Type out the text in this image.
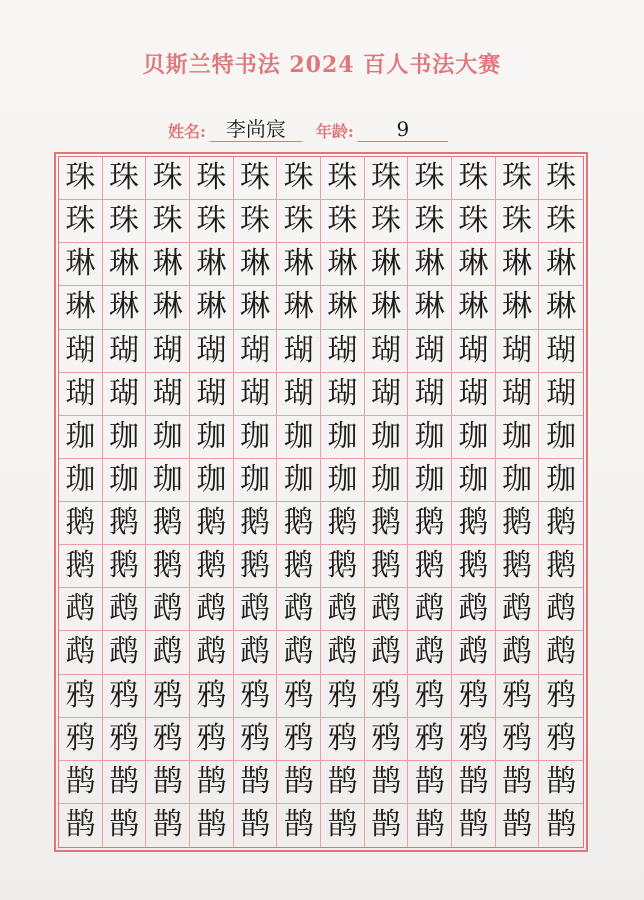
贝斯兰特书法 2024 百人书法大赛
姓名:	李尚宸	年龄:	9
珠 珠 珠 珠 珠 珠 珠 珠 珠 珠 珠 珠
珠 珠 珠 珠 珠 珠 珠 珠 珠 珠 珠 珠
琳 琳 琳 琳 琳 琳 琳 琳 琳 琳 琳 琳
琳 琳 琳 琳 琳 琳 琳 琳 琳 琳 琳 琳
瑚 瑚 瑚 瑚 瑚 瑚 瑚 瑚 瑚 瑚 瑚 瑚
瑚 瑚 瑚 瑚 瑚 瑚 瑚 瑚 瑚 瑚 瑚 瑚
珈 珈 珈 珈 珈 珈 珈 珈 珈 珈 珈 珈
珈 珈 珈 珈 珈 珈 珈 珈 珈 珈 珈 珈
鹅 鹅 鹅 鹅 鹅 鹅 鹅 鹅 鹅 鹅 鹅 鹅
鹅 鹅 鹅 鹅 鹅 鹅 鹅 鹅 鹅 鹅 鹅 鹅
鹉 鹉 鹉 鹉 鹉 鹉 鹉 鹉 鹉 鹉 鹉 鹉
鹉 鹉 鹉 鹉 鹉 鹉 鹉 鹉 鹉 鹉 鹉 鹉
鸦 鸦 鸦 鸦 鸦 鸦 鸦 鸦 鸦 鸦 鸦 鸦
鸦 鸦 鸦 鸦 鸦 鸦 鸦 鸦 鸦 鸦 鸦 鸦
鹊 鹊 鹊 鹊 鹊 鹊 鹊 鹊 鹊 鹊 鹊 鹊
鹊 鹊 鹊 鹊 鹊 鹊 鹊 鹊 鹊 鹊 鹊 鹊
